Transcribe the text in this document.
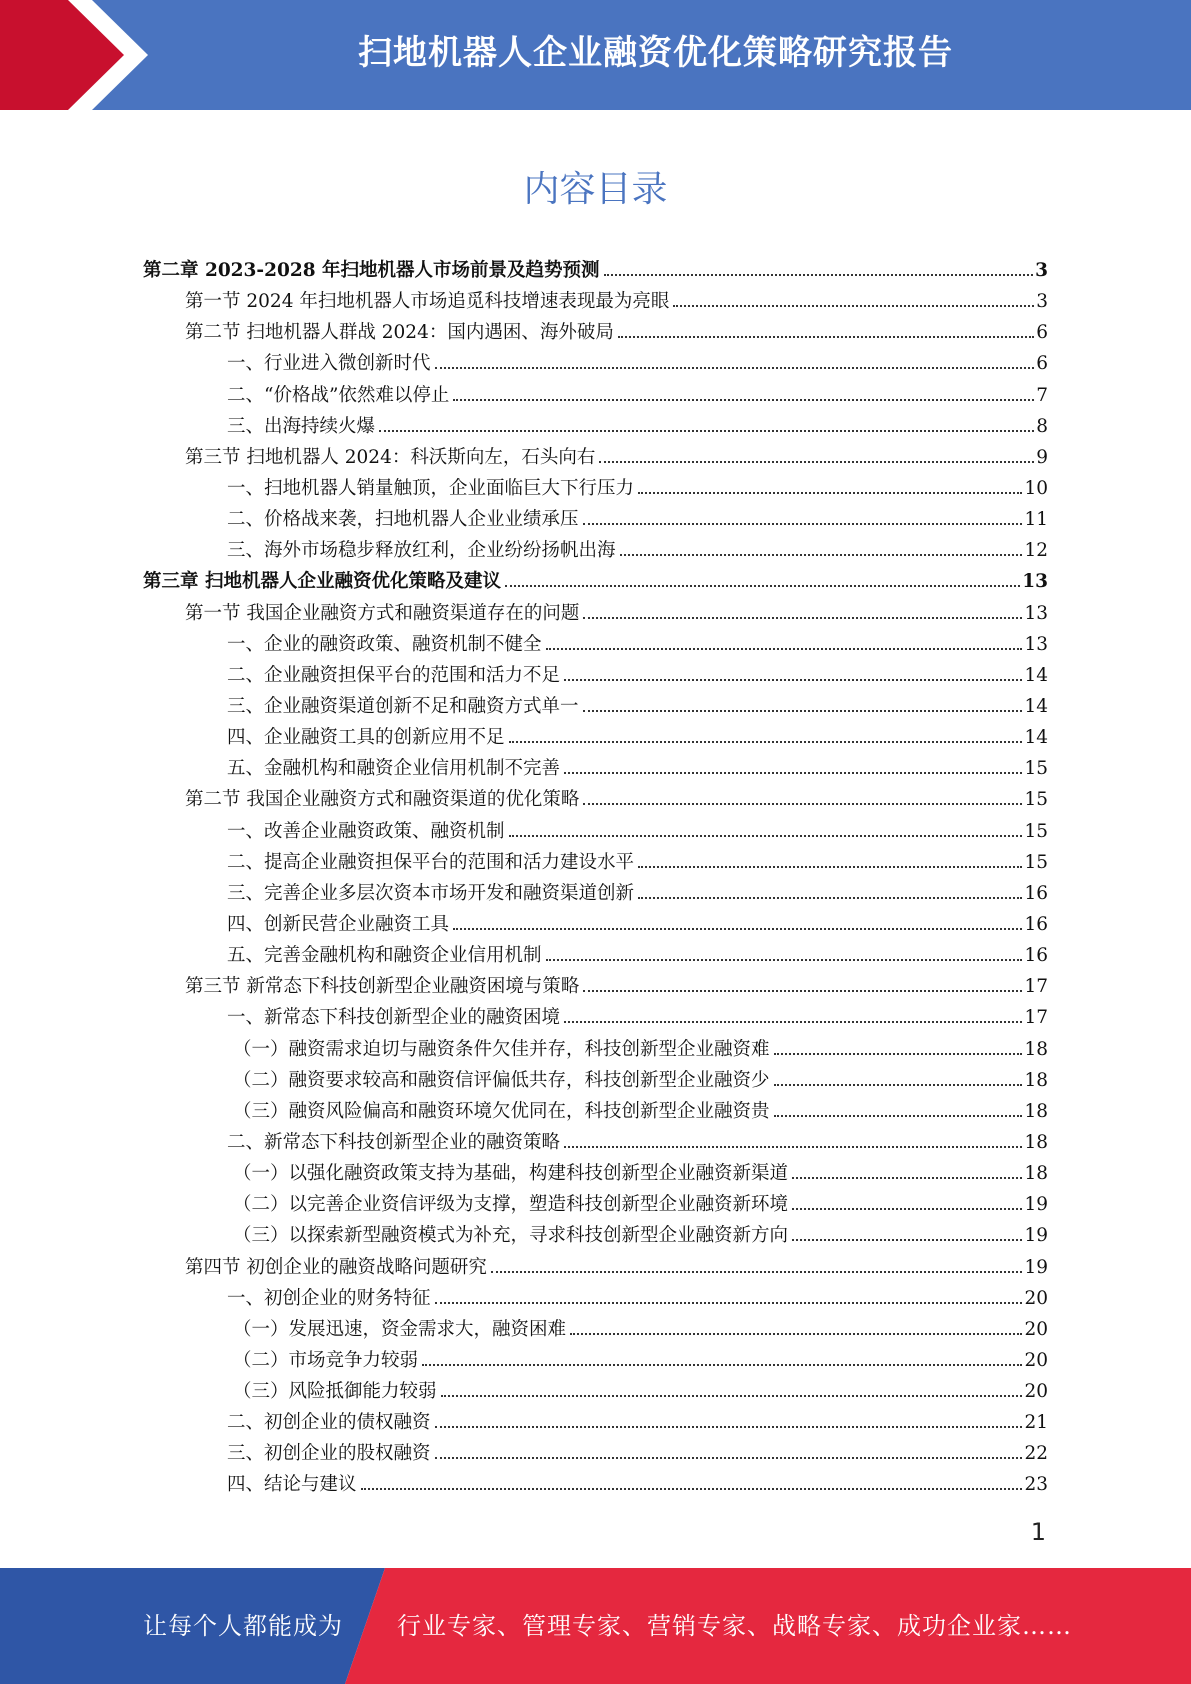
扫地机器人企业融资优化策略研究报告
内容目录
第二章 2023-2028 年扫地机器人市场前景及趋势预测	3
第一节 2024 年扫地机器人市场追觅科技增速表现最为亮眼	3
第二节 扫地机器人群战 2024：国内遇困、海外破局	6
一、行业进入微创新时代	6
二、“价格战”依然难以停止	7
三、出海持续火爆	8
第三节 扫地机器人 2024：科沃斯向左，石头向右	9
一、扫地机器人销量触顶，企业面临巨大下行压力	10
二、价格战来袭，扫地机器人企业业绩承压	11
三、海外市场稳步释放红利，企业纷纷扬帆出海	12
第三章 扫地机器人企业融资优化策略及建议	13
第一节 我国企业融资方式和融资渠道存在的问题	13
一、企业的融资政策、融资机制不健全	13
二、企业融资担保平台的范围和活力不足	14
三、企业融资渠道创新不足和融资方式单一	14
四、企业融资工具的创新应用不足	14
五、金融机构和融资企业信用机制不完善	15
第二节 我国企业融资方式和融资渠道的优化策略	15
一、改善企业融资政策、融资机制	15
二、提高企业融资担保平台的范围和活力建设水平	15
三、完善企业多层次资本市场开发和融资渠道创新	16
四、创新民营企业融资工具	16
五、完善金融机构和融资企业信用机制	16
第三节 新常态下科技创新型企业融资困境与策略	17
一、新常态下科技创新型企业的融资困境	17
（一）融资需求迫切与融资条件欠佳并存，科技创新型企业融资难	18
（二）融资要求较高和融资信评偏低共存，科技创新型企业融资少	18
（三）融资风险偏高和融资环境欠优同在，科技创新型企业融资贵	18
二、新常态下科技创新型企业的融资策略	18
（一）以强化融资政策支持为基础，构建科技创新型企业融资新渠道	18
（二）以完善企业资信评级为支撑，塑造科技创新型企业融资新环境	19
（三）以探索新型融资模式为补充，寻求科技创新型企业融资新方向	19
第四节 初创企业的融资战略问题研究	19
一、初创企业的财务特征	20
（一）发展迅速，资金需求大，融资困难	20
（二）市场竞争力较弱	20
（三）风险抵御能力较弱	20
二、初创企业的债权融资	21
三、初创企业的股权融资	22
四、结论与建议	23
1
让每个人都能成为 行业专家、管理专家、营销专家、战略专家、成功企业家……
